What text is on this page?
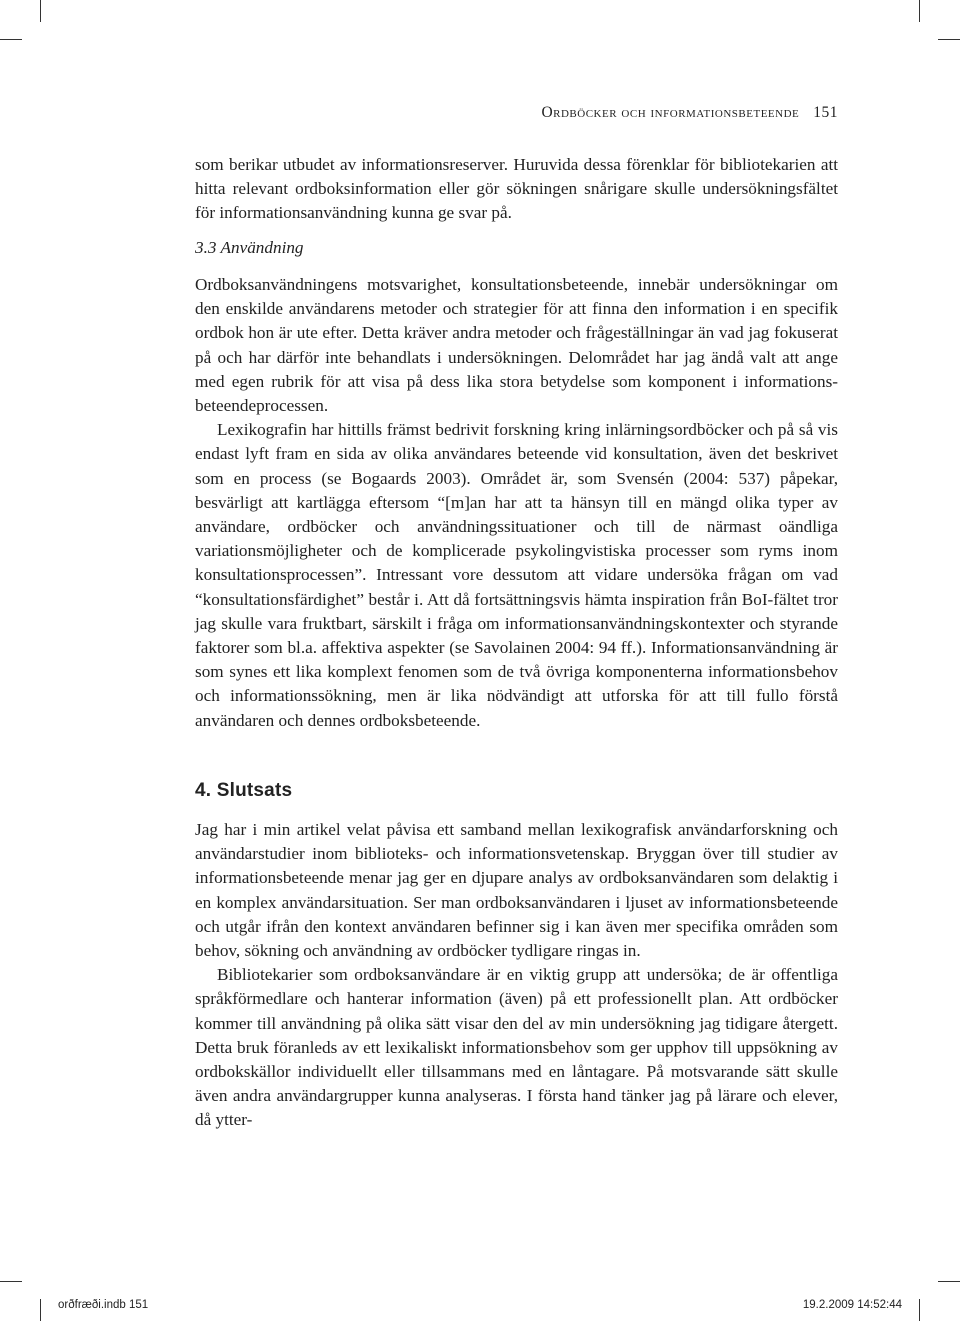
Ordböcker och informationsbeteende 151

som berikar utbudet av informationsreserver. Huruvida dessa förenklar för bibliotekarien att hitta relevant ordboksinformation eller gör sökningen snårigare skulle undersökningsfältet för informationsanvändning kunna ge svar på.

3.3 Användning

Ordboksanvändningens motsvarighet, konsultationsbeteende, innebär undersökningar om den enskilde användarens metoder och strategier för att finna den information i en specifik ordbok hon är ute efter. Detta kräver andra metoder och frågeställningar än vad jag fokuserat på och har därför inte behandlats i undersökningen. Delområdet har jag ändå valt att ange med egen rubrik för att visa på dess lika stora betydelse som komponent i informations-beteendeprocessen.

Lexikografin har hittills främst bedrivit forskning kring inlärningsordböcker och på så vis endast lyft fram en sida av olika användares beteende vid konsultation, även det beskrivet som en process (se Bogaards 2003). Området är, som Svensén (2004: 537) påpekar, besvärligt att kartlägga eftersom “[m]an har att ta hänsyn till en mängd olika typer av användare, ordböcker och användningssituationer och till de närmast oändliga variationsmöjligheter och de komplicerade psykolingvistiska processer som ryms inom konsultationsprocessen”. Intressant vore dessutom att vidare undersöka frågan om vad “konsultationsfärdighet” består i. Att då fortsättningsvis hämta inspiration från BoI-fältet tror jag skulle vara fruktbart, särskilt i fråga om informationsanvändningskontexter och styrande faktorer som bl.a. affektiva aspekter (se Savolainen 2004: 94 ff.). Informationsanvändning är som synes ett lika komplext fenomen som de två övriga komponenterna informationsbehov och informationssökning, men är lika nödvändigt att utforska för att till fullo förstå användaren och dennes ordboksbeteende.

4. Slutsats

Jag har i min artikel velat påvisa ett samband mellan lexikografisk användarforskning och användarstudier inom biblioteks- och informationsvetenskap. Bryggan över till studier av informationsbeteende menar jag ger en djupare analys av ordboksanvändaren som delaktig i en komplex användarsituation. Ser man ordboksanvändaren i ljuset av informationsbeteende och utgår ifrån den kontext användaren befinner sig i kan även mer specifika områden som behov, sökning och användning av ordböcker tydligare ringas in.

Bibliotekarier som ordboksanvändare är en viktig grupp att undersöka; de är offentliga språkförmedlare och hanterar information (även) på ett professionellt plan. Att ordböcker kommer till användning på olika sätt visar den del av min undersökning jag tidigare återgett. Detta bruk föranleds av ett lexikaliskt informationsbehov som ger upphov till uppsökning av ordbokskällor individuellt eller tillsammans med en låntagare. På motsvarande sätt skulle även andra användargrupper kunna analyseras. I första hand tänker jag på lärare och elever, då ytter-

orðfræði.indb 151	19.2.2009 14:52:44
